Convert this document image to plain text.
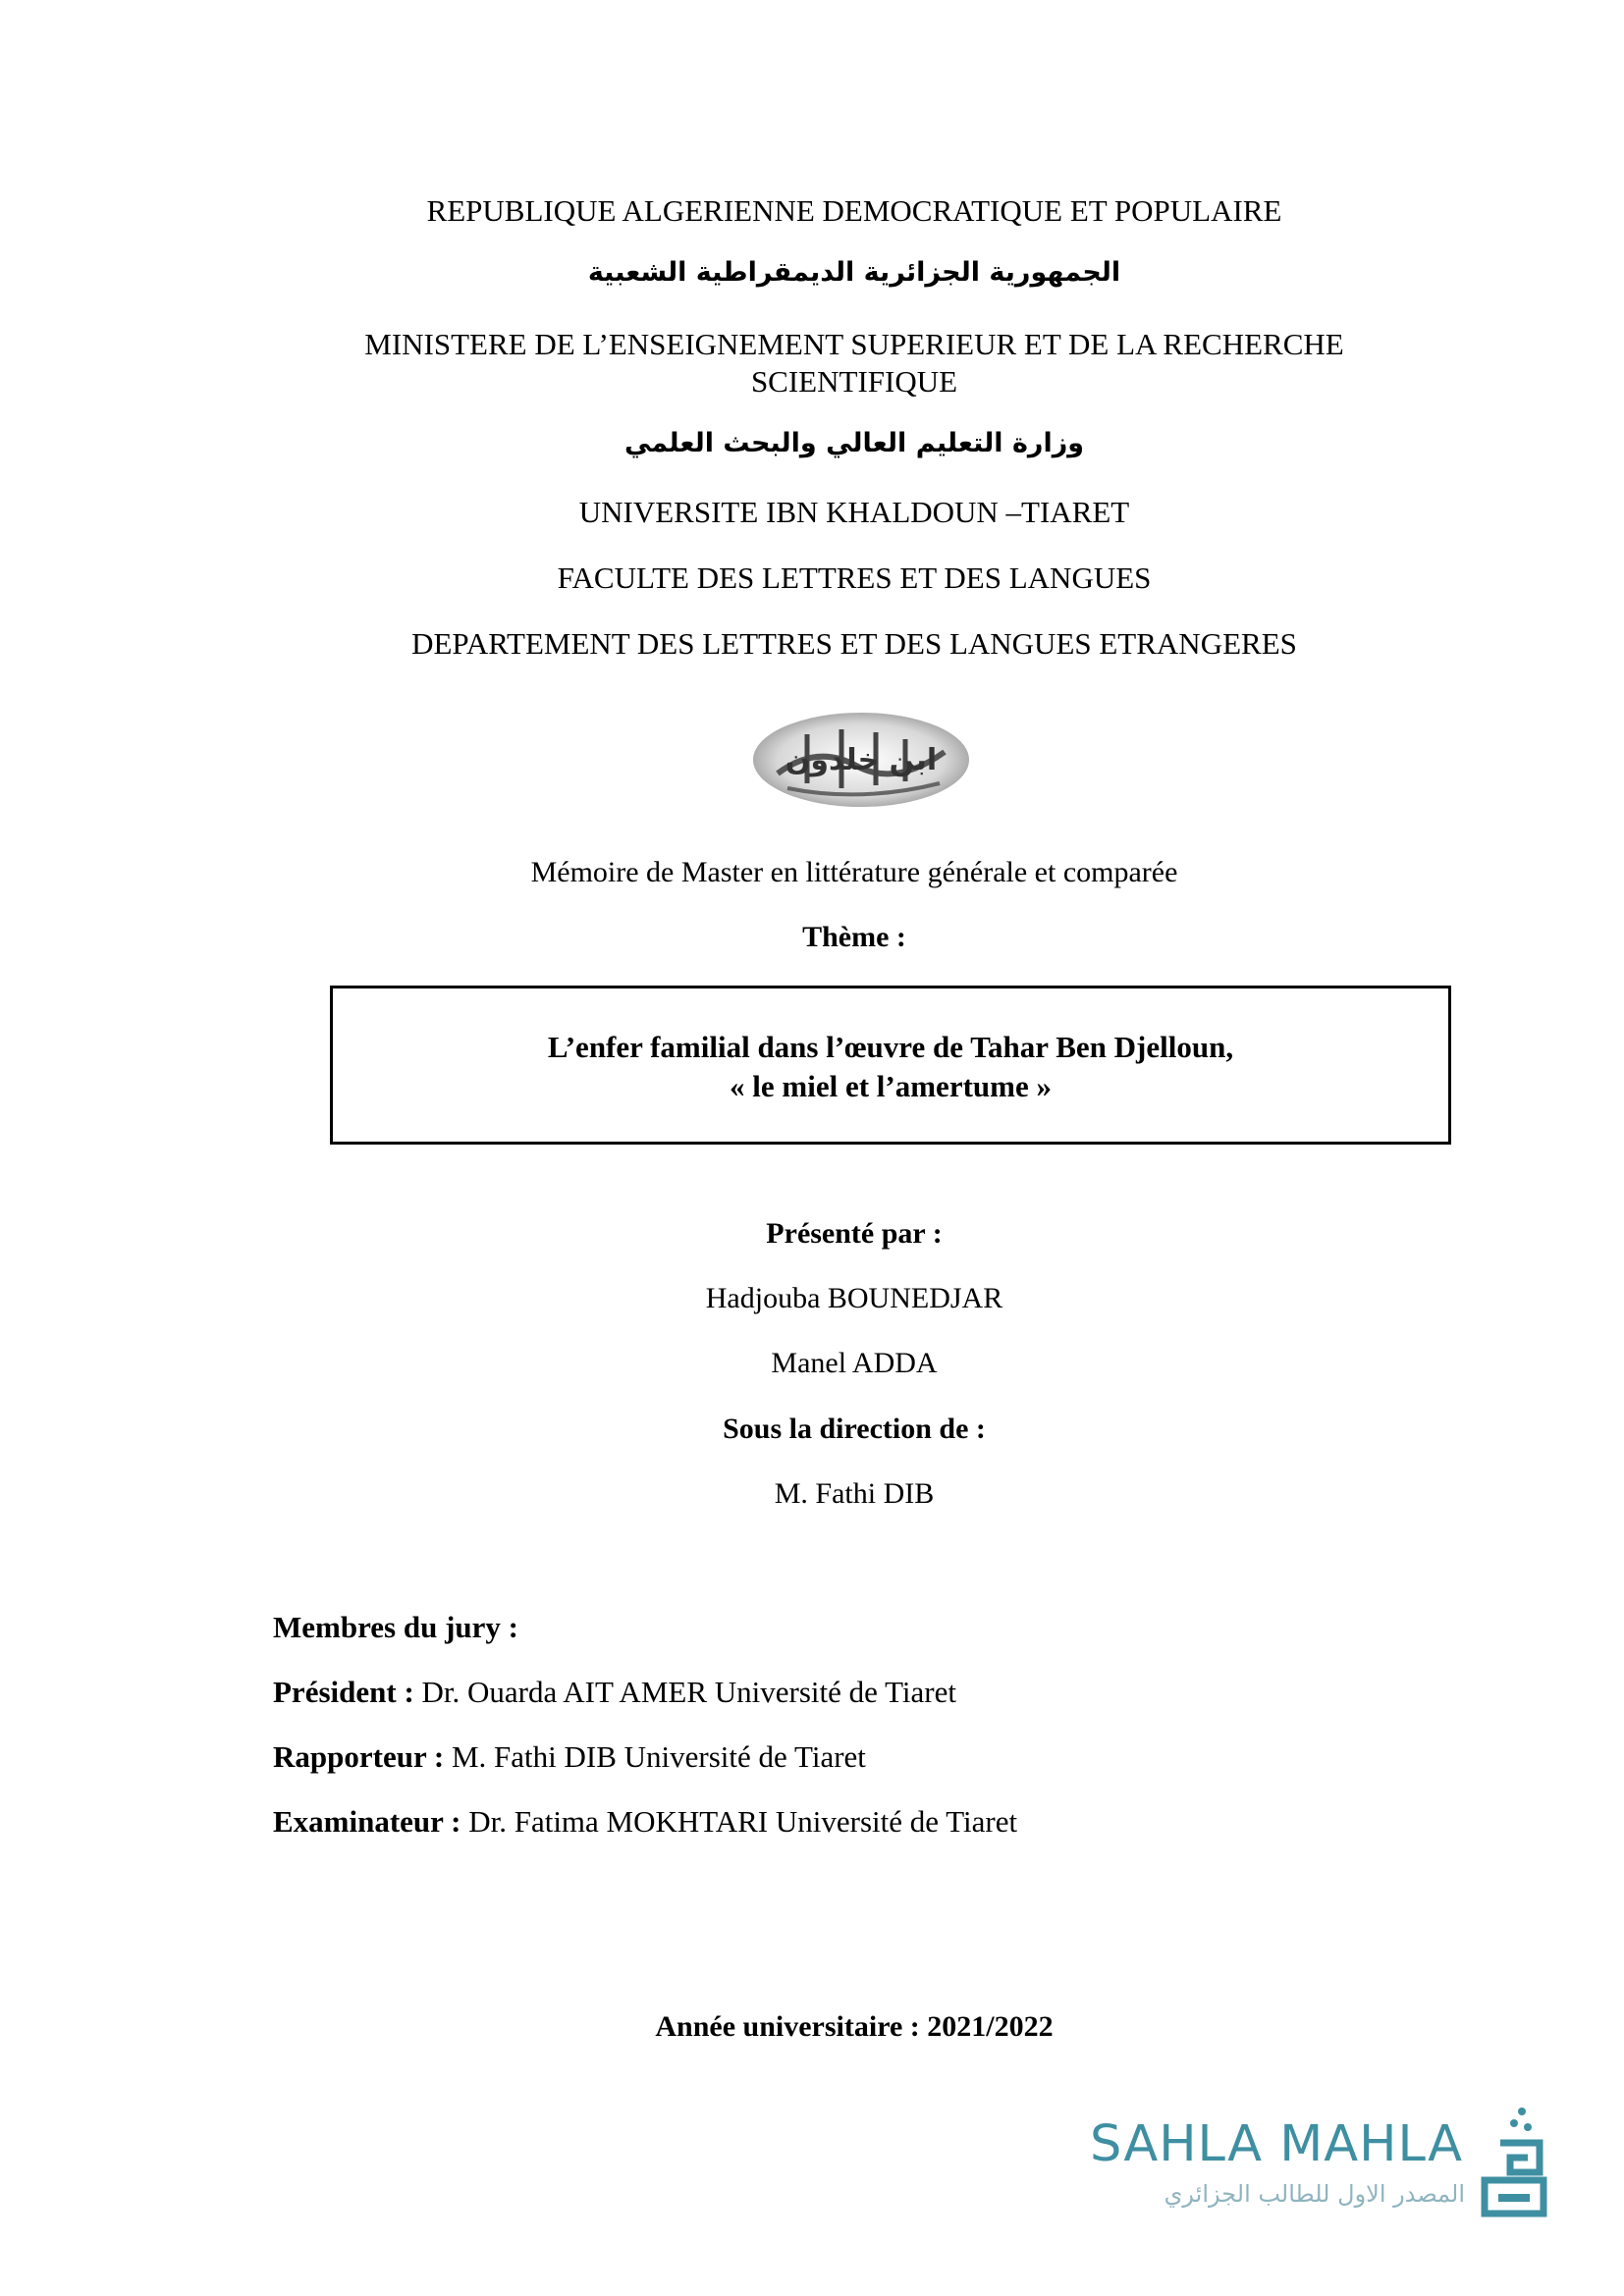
REPUBLIQUE ALGERIENNE DEMOCRATIQUE ET POPULAIRE
الجمهورية الجزائرية الديمقراطية الشعبية
MINISTERE DE L’ENSEIGNEMENT SUPERIEUR ET DE LA RECHERCHE
SCIENTIFIQUE
وزارة التعليم العالي والبحث العلمي
UNIVERSITE IBN KHALDOUN –TIARET
FACULTE DES LETTRES ET DES LANGUES
DEPARTEMENT DES LETTRES ET DES LANGUES ETRANGERES
ابن خلدون
Mémoire de Master en littérature générale et comparée
Thème :
L’enfer familial dans l’œuvre de Tahar Ben Djelloun,
« le miel et l’amertume »
Présenté par :
Hadjouba BOUNEDJAR
Manel ADDA
Sous la direction de :
M. Fathi DIB
Membres du jury :
Président : Dr. Ouarda AIT AMER Université de Tiaret
Rapporteur : M. Fathi DIB Université de Tiaret
Examinateur : Dr. Fatima MOKHTARI Université de Tiaret
Année universitaire : 2021/2022
SAHLA MAHLA
المصدر الاول للطالب الجزائري
